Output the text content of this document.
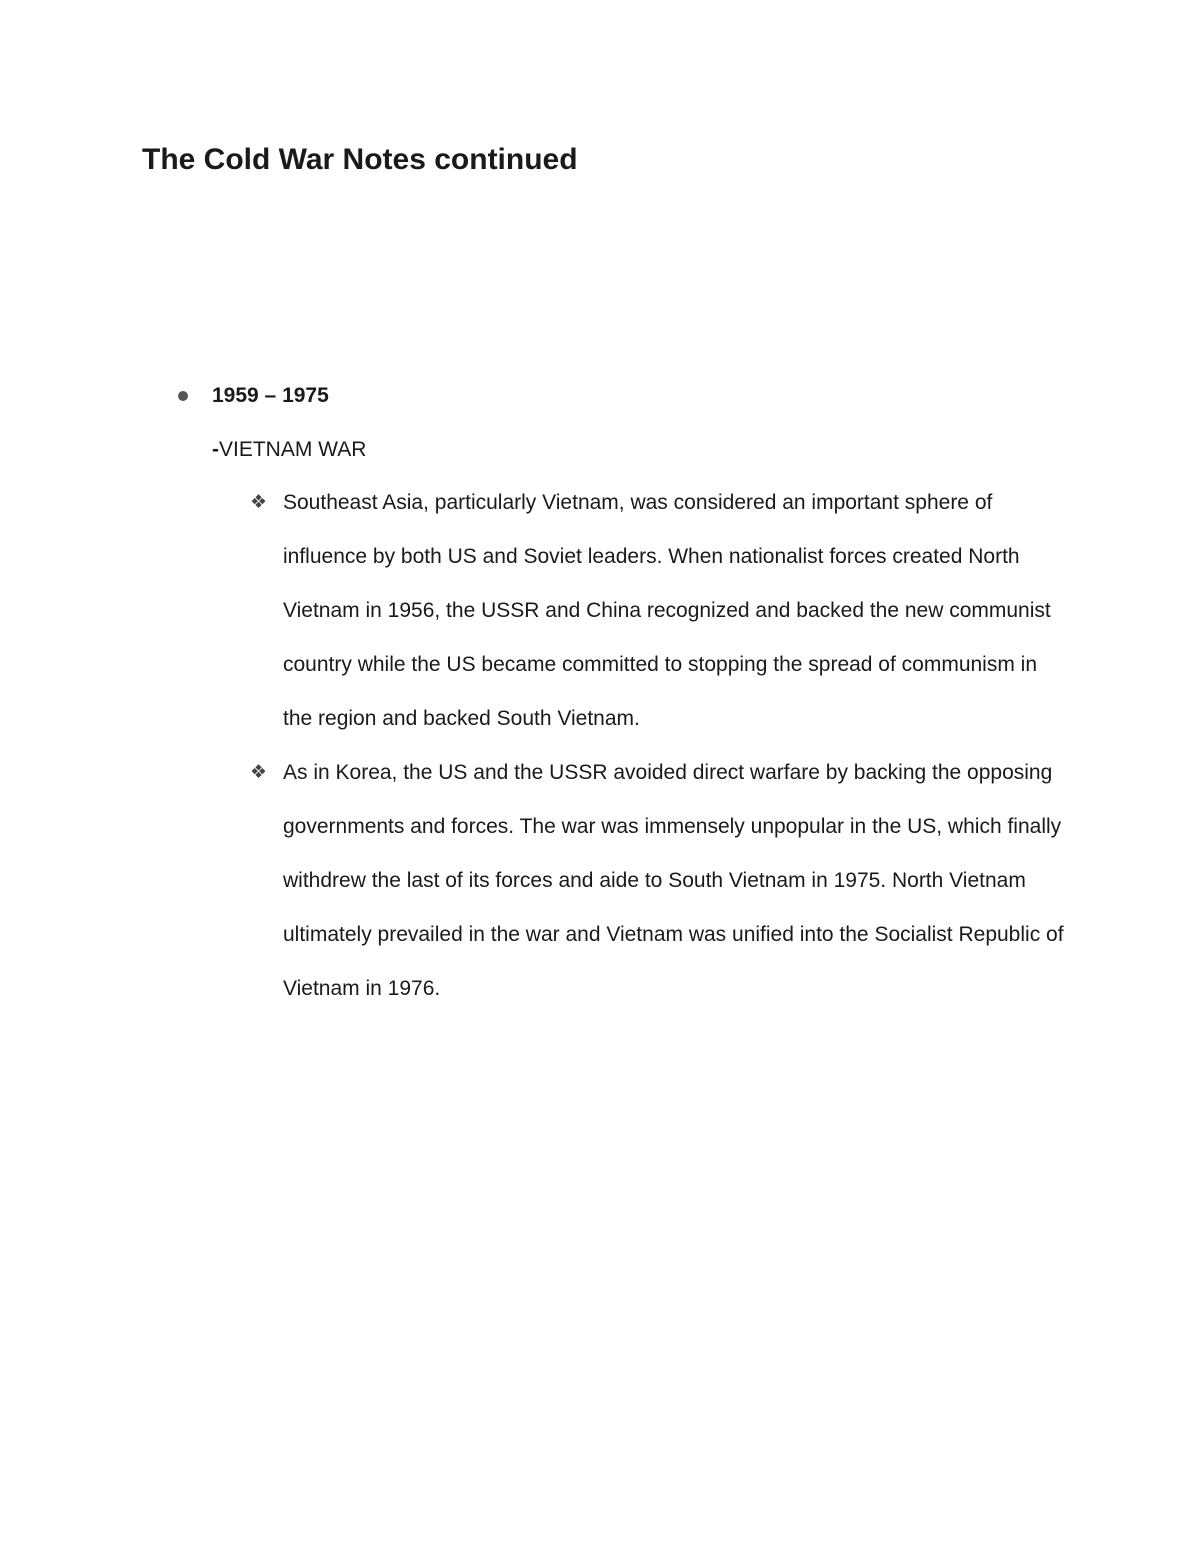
The Cold War Notes continued
1959 – 1975
-VIETNAM WAR
❖ Southeast Asia, particularly Vietnam, was considered an important sphere of influence by both US and Soviet leaders. When nationalist forces created North Vietnam in 1956, the USSR and China recognized and backed the new communist country while the US became committed to stopping the spread of communism in the region and backed South Vietnam.
❖ As in Korea, the US and the USSR avoided direct warfare by backing the opposing governments and forces. The war was immensely unpopular in the US, which finally withdrew the last of its forces and aide to South Vietnam in 1975. North Vietnam ultimately prevailed in the war and Vietnam was unified into the Socialist Republic of Vietnam in 1976.
